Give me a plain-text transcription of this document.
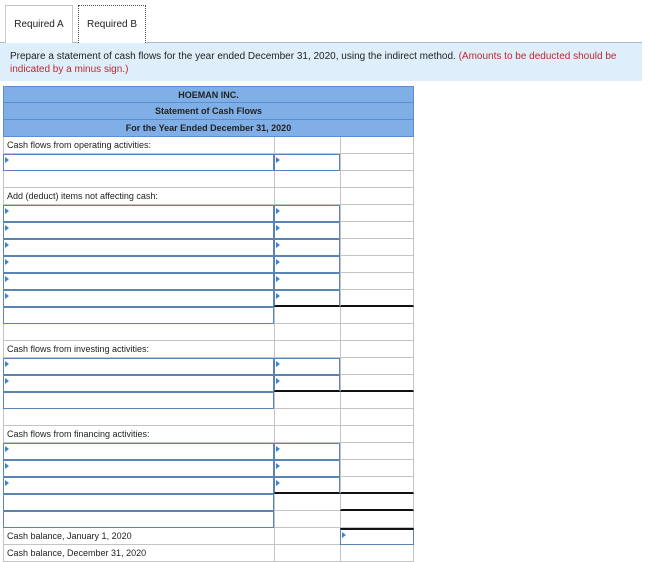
Required A	Required B
Prepare a statement of cash flows for the year ended December 31, 2020, using the indirect method. (Amounts to be deducted should be indicated by a minus sign.)
HOEMAN INC.
Statement of Cash Flows
For the Year Ended December 31, 2020
Cash flows from operating activities:
Add (deduct) items not affecting cash:
Cash flows from investing activities:
Cash flows from financing activities:
Cash balance, January 1, 2020
Cash balance, December 31, 2020
